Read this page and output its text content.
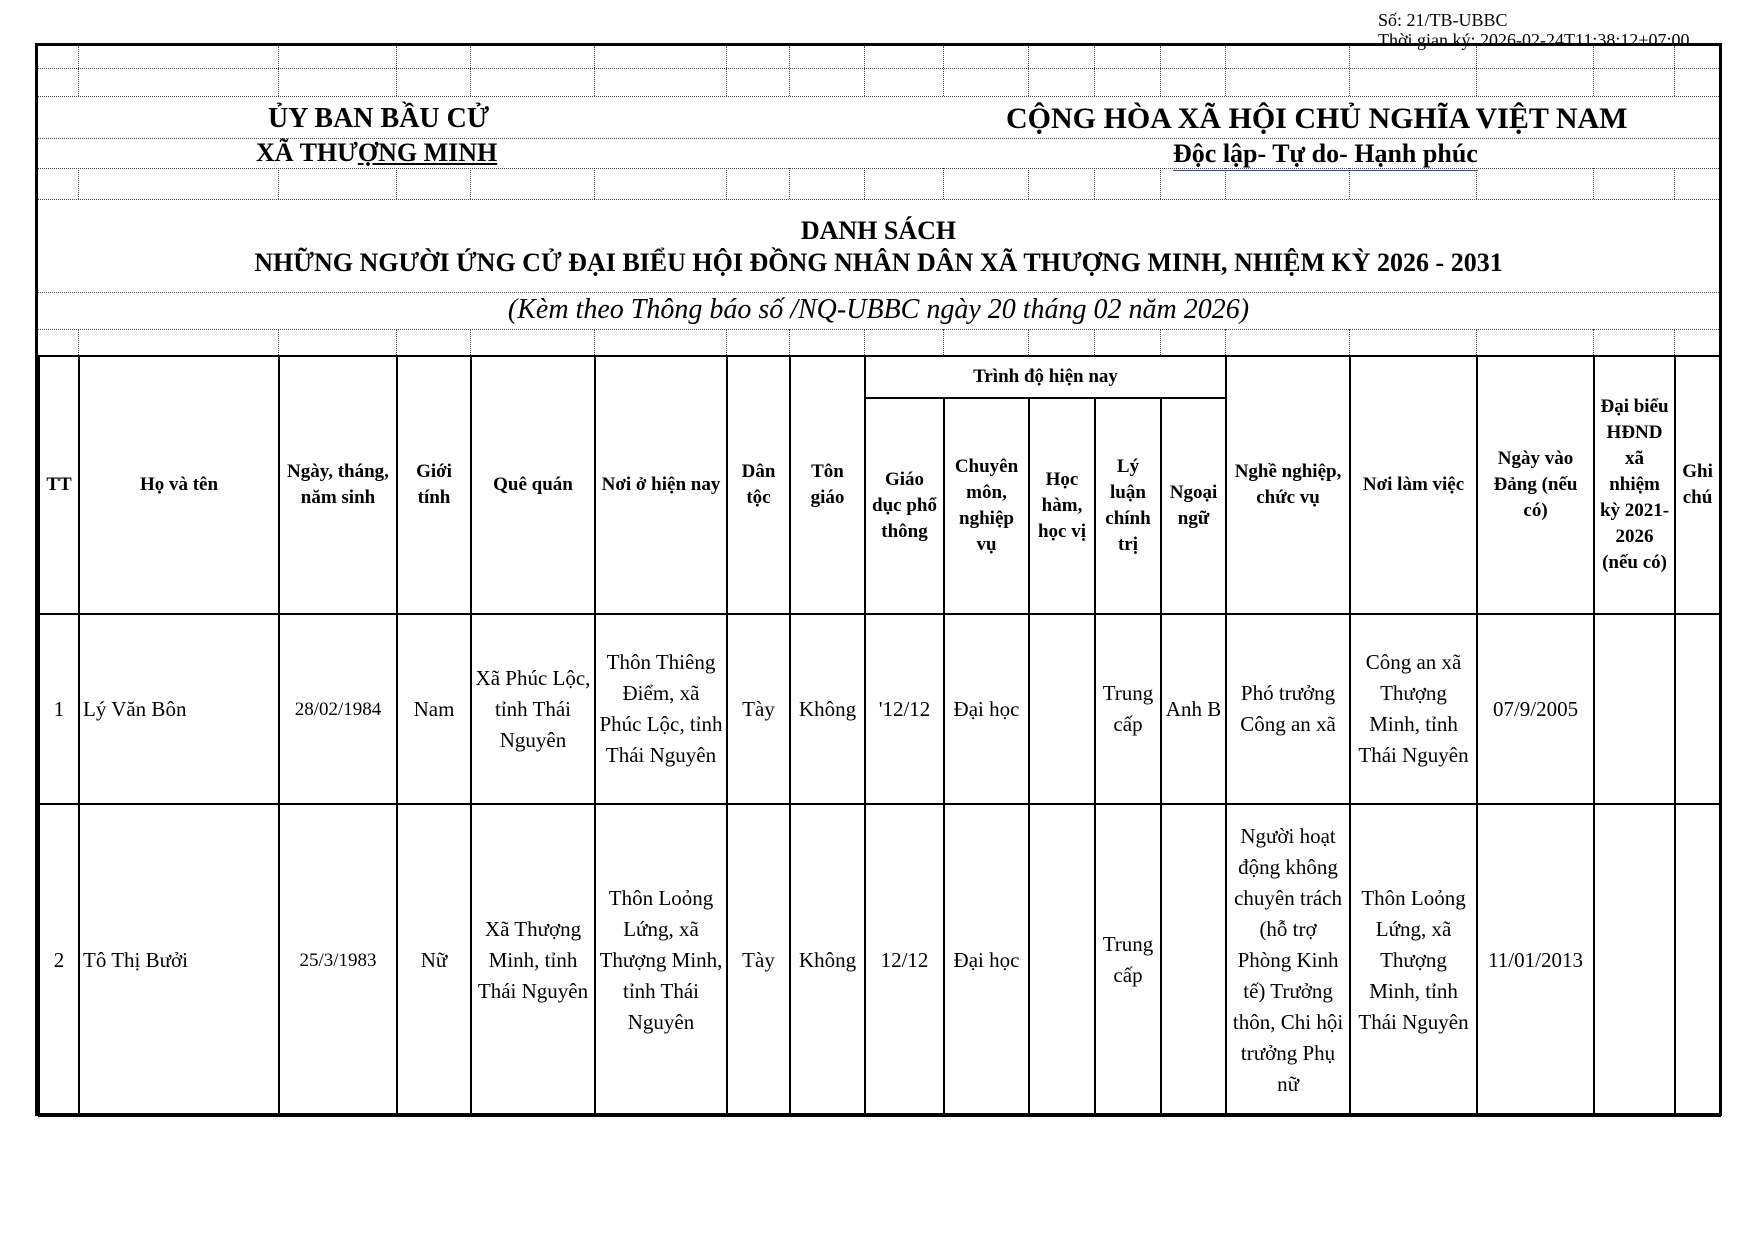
Số: 21/TB-UBBC
Thời gian ký: 2026-02-24T11:38:12+07:00
ỦY BAN BẦU CỬ
XÃ THƯỢNG MINH
CỘNG HÒA XÃ HỘI CHỦ NGHĨA VIỆT NAM
Độc lập- Tự do- Hạnh phúc
DANH SÁCH
NHỮNG NGƯỜI ỨNG CỬ ĐẠI BIỂU HỘI ĐỒNG NHÂN DÂN XÃ THƯỢNG MINH, NHIỆM KỲ 2026 - 2031
(Kèm theo Thông báo số /NQ-UBBC ngày 20 tháng 02 năm 2026)
TT	Họ và tên	Ngày, tháng, năm sinh	Giới tính	Quê quán	Nơi ở hiện nay	Dân tộc	Tôn giáo	Trình độ hiện nay					Nghề nghiệp, chức vụ	Nơi làm việc	Ngày vào Đảng (nếu có)	Đại biểu HĐND xã nhiệm kỳ 2021-2026 (nếu có)	Ghi chú
								Giáo dục phổ thông	Chuyên môn, nghiệp vụ	Học hàm, học vị	Lý luận chính trị	Ngoại ngữ					
1	Lý Văn Bôn	28/02/1984	Nam	Xã Phúc Lộc, tỉnh Thái Nguyên	Thôn Thiêng Điểm, xã Phúc Lộc, tỉnh Thái Nguyên	Tày	Không	'12/12	Đại học		Trung cấp	Anh B	Phó trưởng Công an xã	Công an xã Thượng Minh, tỉnh Thái Nguyên	07/9/2005		
2	Tô Thị Bưởi	25/3/1983	Nữ	Xã Thượng Minh, tỉnh Thái Nguyên	Thôn Loỏng Lứng, xã Thượng Minh, tỉnh Thái Nguyên	Tày	Không	12/12	Đại học		Trung cấp		Người hoạt động không chuyên trách (hỗ trợ Phòng Kinh tế) Trưởng thôn, Chi hội trưởng Phụ nữ	Thôn Loỏng Lứng, xã Thượng Minh, tỉnh Thái Nguyên	11/01/2013		
